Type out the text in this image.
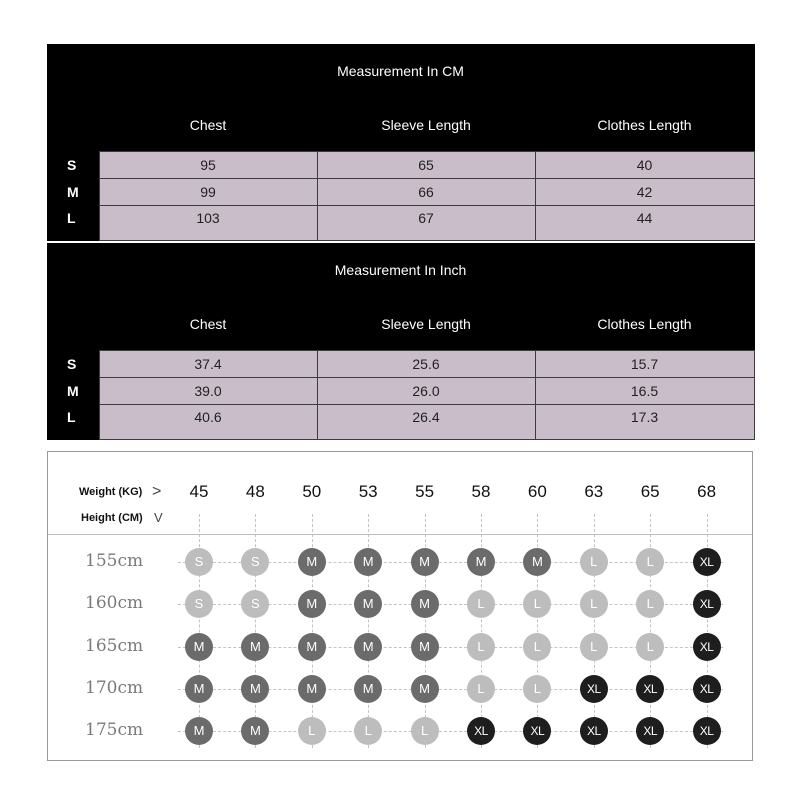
Measurement In CM			
	Chest	Sleeve Length	Clothes Length
S	95	65	40
M	99	66	42
L	103	67	44
Measurement In Inch			
	Chest	Sleeve Length	Clothes Length
S	37.4	25.6	15.7
M	39.0	26.0	16.5
L	40.6	26.4	17.3
Weight (KG) >
Height (CM) V
45	48	50	53	55	58	60	63	65	68
155cm	S	S	M	M	M	M	M	L	L	XL
160cm	S	S	M	M	M	L	L	L	L	XL
165cm	M	M	M	M	M	L	L	L	L	XL
170cm	M	M	M	M	M	L	L	XL	XL	XL
175cm	M	M	L	L	L	XL	XL	XL	XL	XL
